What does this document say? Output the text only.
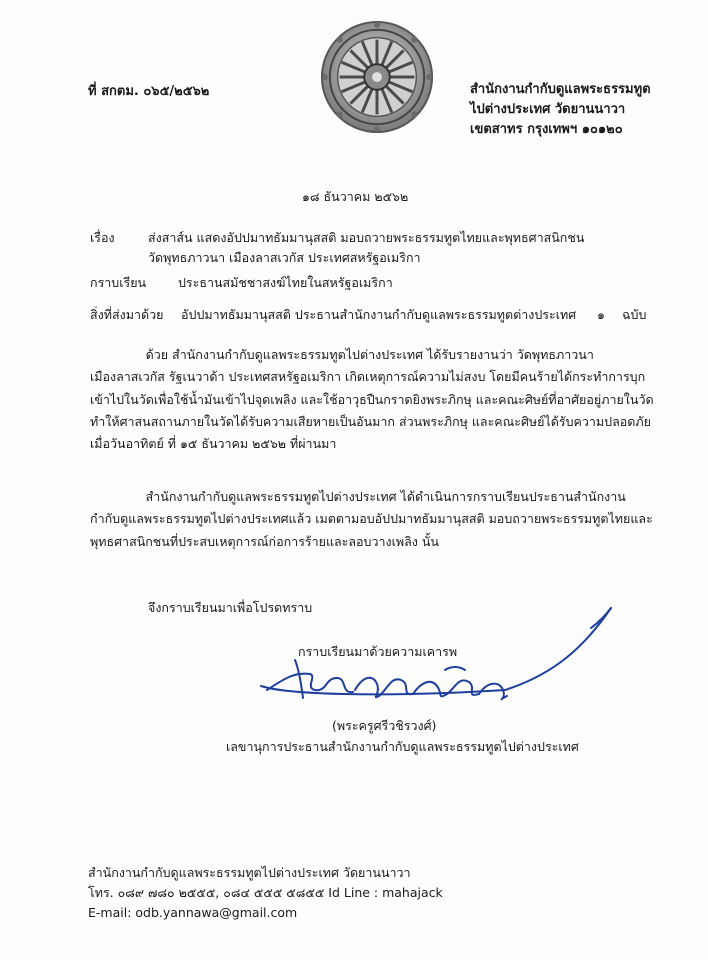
ที่ สกตม. ๐๖๕/๒๕๖๒	สำนักงานกำกับดูแลพระธรรมทูต
ไปต่างประเทศ วัดยานนาวา
เขตสาทร กรุงเทพฯ ๑๐๑๒๐
๑๘ ธันวาคม ๒๕๖๒
เรื่อง	ส่งสาส์น แสดงอัปปมาทธัมมานุสสติ มอบถวายพระธรรมทูตไทยและพุทธศาสนิกชน
วัดพุทธภาวนา เมืองลาสเวกัส ประเทศสหรัฐอเมริกา
กราบเรียน	ประธานสมัชชาสงฆ์ไทยในสหรัฐอเมริกา
สิ่งที่ส่งมาด้วย อัปปมาทธัมมานุสสติ ประธานสำนักงานกำกับดูแลพระธรรมทูตต่างประเทศ ๑ ฉบับ
ด้วย สำนักงานกำกับดูแลพระธรรมทูตไปต่างประเทศ ได้รับรายงานว่า วัดพุทธภาวนา
เมืองลาสเวกัส รัฐเนวาด้า ประเทศสหรัฐอเมริกา เกิดเหตุการณ์ความไม่สงบ โดยมีคนร้ายได้กระทำการบุก
เข้าไปในวัดเพื่อใช้น้ำมันเข้าไปจุดเพลิง และใช้อาวุธปืนกราดยิงพระภิกษุ และคณะศิษย์ที่อาศัยอยู่ภายในวัด
ทำให้ศาสนสถานภายในวัดได้รับความเสียหายเป็นอันมาก ส่วนพระภิกษุ และคณะศิษย์ได้รับความปลอดภัย
เมื่อวันอาทิตย์ ที่ ๑๕ ธันวาคม ๒๕๖๒ ที่ผ่านมา
สำนักงานกำกับดูแลพระธรรมทูตไปต่างประเทศ ได้ดำเนินการกราบเรียนประธานสำนักงาน
กำกับดูแลพระธรรมทูตไปต่างประเทศแล้ว เมตตามอบอัปปมาทธัมมานุสสติ มอบถวายพระธรรมทูตไทยและ
พุทธศาสนิกชนที่ประสบเหตุการณ์ก่อการร้ายและลอบวางเพลิง นั้น
จึงกราบเรียนมาเพื่อโปรดทราบ
กราบเรียนมาด้วยความเคารพ
(พระครูศรีวชิรวงศ์)
เลขานุการประธานสำนักงานกำกับดูแลพระธรรมทูตไปต่างประเทศ
สำนักงานกำกับดูแลพระธรรมทูตไปต่างประเทศ วัดยานนาวา
โทร. ๐๘๙ ๗๘๐ ๒๕๕๕, ๐๘๔ ๕๕๕ ๕๘๕๕ Id Line : mahajack
E-mail: odb.yannawa@gmail.com
